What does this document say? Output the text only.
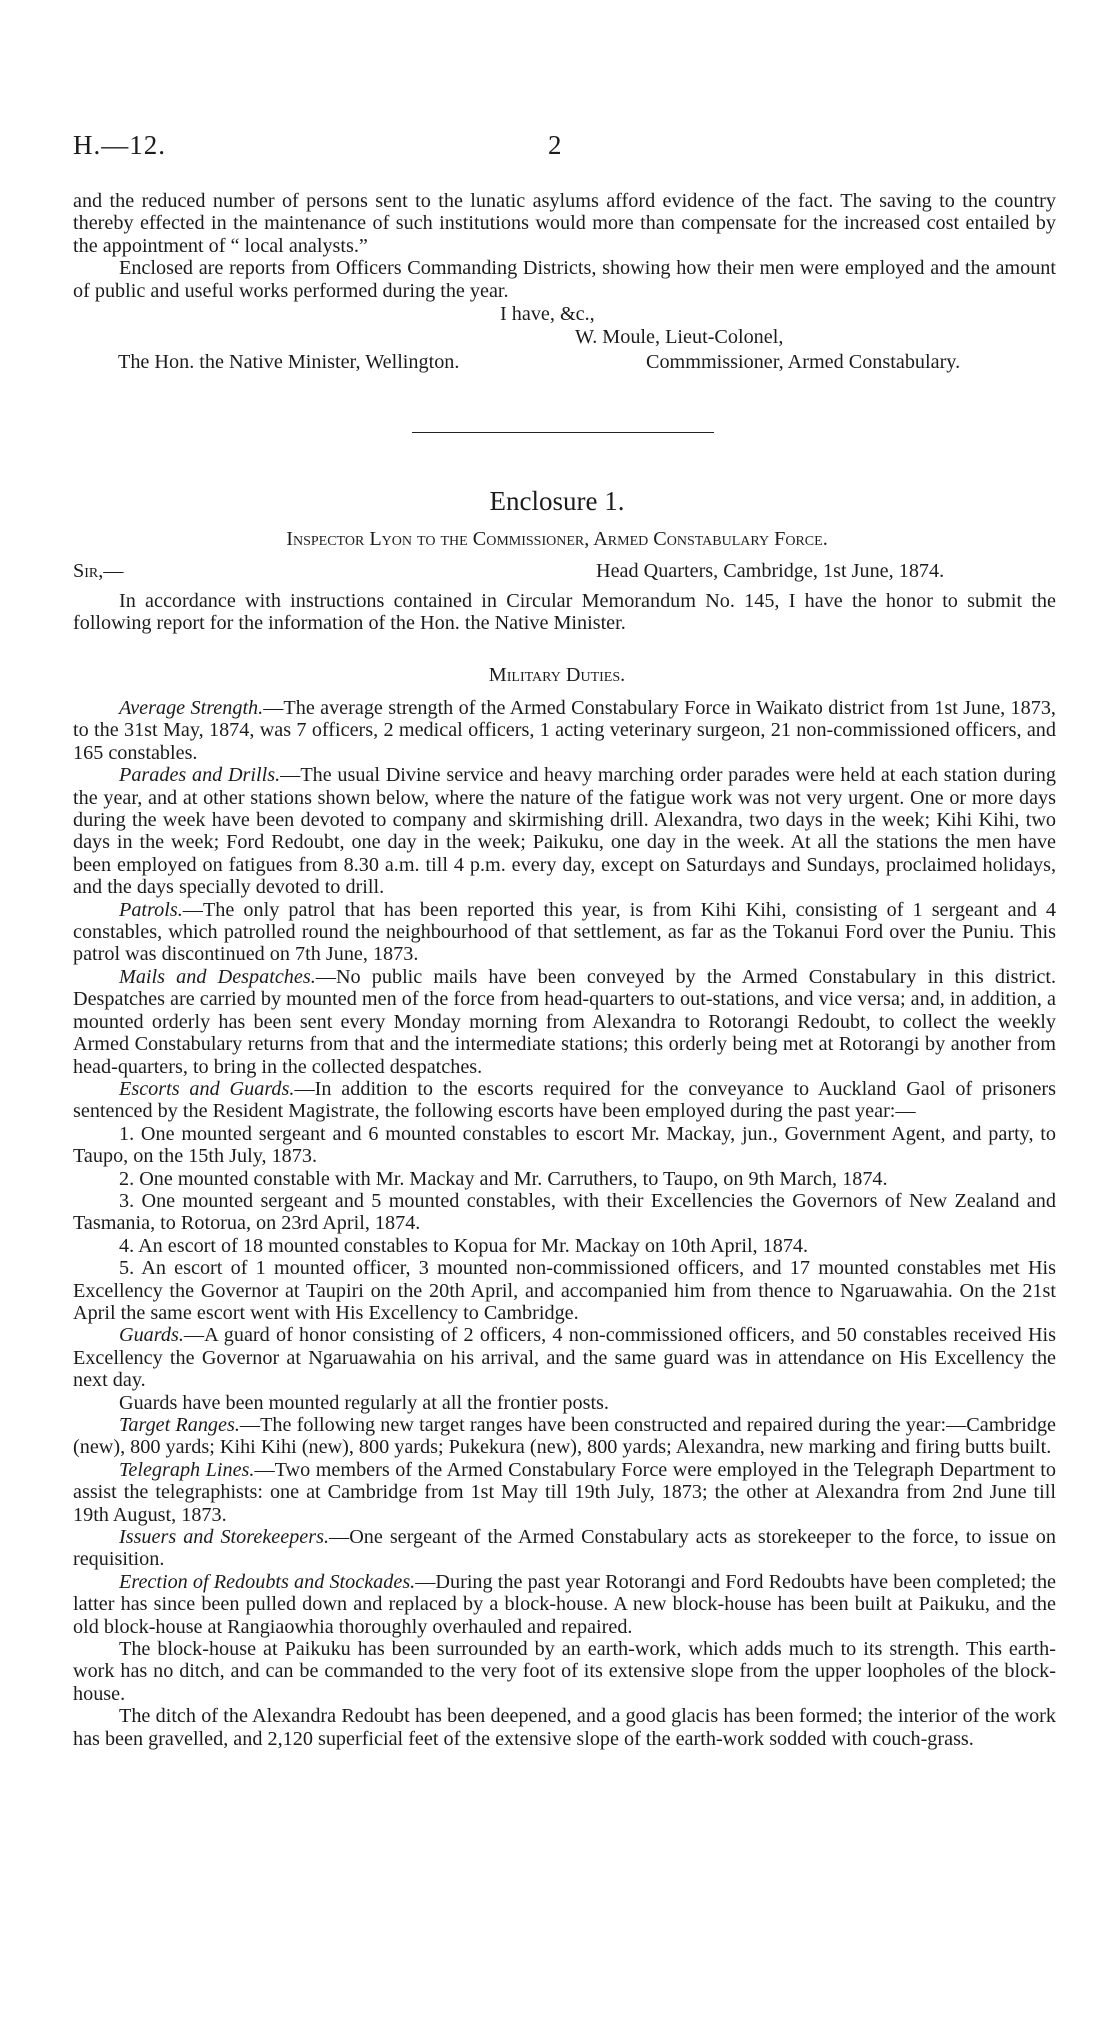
H.—12.	2

and the reduced number of persons sent to the lunatic asylums afford evidence of the fact. The saving to the country thereby effected in the maintenance of such institutions would more than compensate for the increased cost entailed by the appointment of “ local analysts.”

Enclosed are reports from Officers Commanding Districts, showing how their men were employed and the amount of public and useful works performed during the year.

I have, &c.,
W. Moule, Lieut-Colonel,
The Hon. the Native Minister, Wellington.	Commmissioner, Armed Constabulary.
Enclosure 1.
Inspector Lyon to the Commissioner, Armed Constabulary Force.
Sir,—	Head Quarters, Cambridge, 1st June, 1874.

In accordance with instructions contained in Circular Memorandum No. 145, I have the honor to submit the following report for the information of the Hon. the Native Minister.

Military Duties.

Average Strength.—The average strength of the Armed Constabulary Force in Waikato district from 1st June, 1873, to the 31st May, 1874, was 7 officers, 2 medical officers, 1 acting veterinary surgeon, 21 non-commissioned officers, and 165 constables.

Parades and Drills.—The usual Divine service and heavy marching order parades were held at each station during the year, and at other stations shown below, where the nature of the fatigue work was not very urgent. One or more days during the week have been devoted to company and skirmishing drill. Alexandra, two days in the week; Kihi Kihi, two days in the week; Ford Redoubt, one day in the week; Paikuku, one day in the week. At all the stations the men have been employed on fatigues from 8.30 a.m. till 4 p.m. every day, except on Saturdays and Sundays, proclaimed holidays, and the days specially devoted to drill.

Patrols.—The only patrol that has been reported this year, is from Kihi Kihi, consisting of 1 sergeant and 4 constables, which patrolled round the neighbourhood of that settlement, as far as the Tokanui Ford over the Puniu. This patrol was discontinued on 7th June, 1873.

Mails and Despatches.—No public mails have been conveyed by the Armed Constabulary in this district. Despatches are carried by mounted men of the force from head-quarters to out-stations, and vice versa; and, in addition, a mounted orderly has been sent every Monday morning from Alexandra to Rotorangi Redoubt, to collect the weekly Armed Constabulary returns from that and the intermediate stations; this orderly being met at Rotorangi by another from head-quarters, to bring in the collected despatches.

Escorts and Guards.—In addition to the escorts required for the conveyance to Auckland Gaol of prisoners sentenced by the Resident Magistrate, the following escorts have been employed during the past year:—

1. One mounted sergeant and 6 mounted constables to escort Mr. Mackay, jun., Government Agent, and party, to Taupo, on the 15th July, 1873.

2. One mounted constable with Mr. Mackay and Mr. Carruthers, to Taupo, on 9th March, 1874.

3. One mounted sergeant and 5 mounted constables, with their Excellencies the Governors of New Zealand and Tasmania, to Rotorua, on 23rd April, 1874.

4. An escort of 18 mounted constables to Kopua for Mr. Mackay on 10th April, 1874.

5. An escort of 1 mounted officer, 3 mounted non-commissioned officers, and 17 mounted constables met His Excellency the Governor at Taupiri on the 20th April, and accompanied him from thence to Ngaruawahia. On the 21st April the same escort went with His Excellency to Cambridge.

Guards.—A guard of honor consisting of 2 officers, 4 non-commissioned officers, and 50 constables received His Excellency the Governor at Ngaruawahia on his arrival, and the same guard was in attendance on His Excellency the next day.

Guards have been mounted regularly at all the frontier posts.

Target Ranges.—The following new target ranges have been constructed and repaired during the year:—Cambridge (new), 800 yards; Kihi Kihi (new), 800 yards; Pukekura (new), 800 yards; Alexandra, new marking and firing butts built.

Telegraph Lines.—Two members of the Armed Constabulary Force were employed in the Telegraph Department to assist the telegraphists: one at Cambridge from 1st May till 19th July, 1873; the other at Alexandra from 2nd June till 19th August, 1873.

Issuers and Storekeepers.—One sergeant of the Armed Constabulary acts as storekeeper to the force, to issue on requisition.

Erection of Redoubts and Stockades.—During the past year Rotorangi and Ford Redoubts have been completed; the latter has since been pulled down and replaced by a block-house. A new block-house has been built at Paikuku, and the old block-house at Rangiaowhia thoroughly overhauled and repaired.

The block-house at Paikuku has been surrounded by an earth-work, which adds much to its strength. This earth-work has no ditch, and can be commanded to the very foot of its extensive slope from the upper loopholes of the block-house.

The ditch of the Alexandra Redoubt has been deepened, and a good glacis has been formed; the interior of the work has been gravelled, and 2,120 superficial feet of the extensive slope of the earth-work sodded with couch-grass.
